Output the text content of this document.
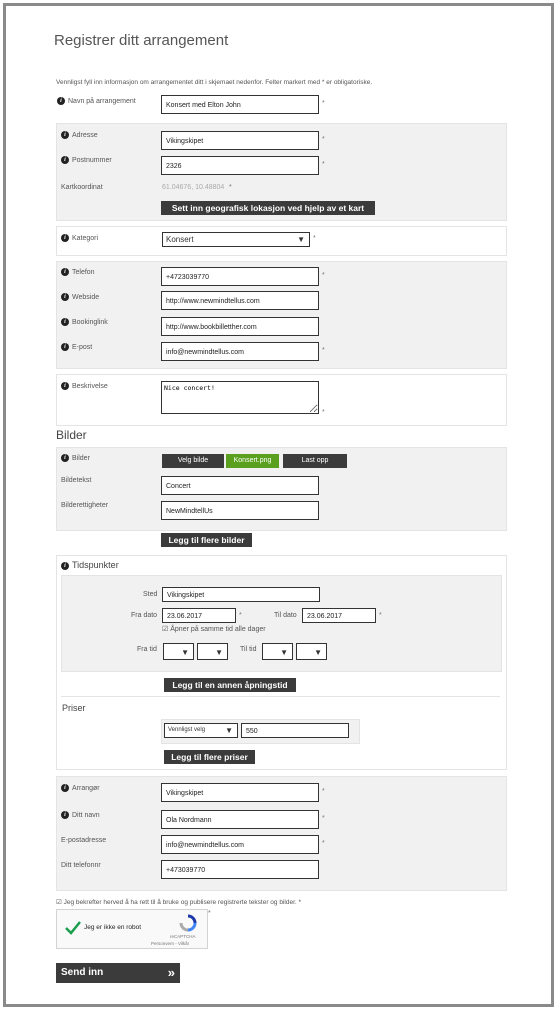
Registrer ditt arrangement
Vennligst fyll inn informasjon om arrangementet ditt i skjemaet nedenfor. Felter markert med * er obligatoriske.
i Navn på arrangement
Konsert med Elton John	*
i Adresse
Vikingskipet	*
i Postnummer
2326	*
Kartkoordinat	61.04676, 10.48804 *
Sett inn geografisk lokasjon ved hjelp av et kart
i Kategori	Konsert	▼ *
i Telefon
+4723039770	*
i Webside
http://www.newmindtellus.com
i Bookinglink
http://www.bookbilletther.com
i E-post
info@newmindtellus.com	*
i Beskrivelse
Nice concert!
*
Bilder
i Bilder	Velg bilde	Konsert.png	Last opp
Bildetekst
Concert
Bilderettigheter
NewMindtellUs
Legg til flere bilder
i Tidspunkter
Sted	Vikingskipet
Fra dato	23.06.2017	*	Til dato	23.06.2017	*
☑ Åpner på samme tid alle dager
Fra tid	▼	▼ Til tid	▼	▼
Legg til en annen åpningstid
Priser
Vennligst velg	▼	550
Legg til flere priser
i Arrangør
Vikingskipet	*
i Ditt navn
Ola Nordmann	*
E-postadresse
info@newmindtellus.com	*
Ditt telefonnr
+473039770
☑ Jeg bekrefter herved å ha rett til å bruke og publisere registrerte tekster og bilder. *
Jeg er ikke en robot
reCAPTCHA
Personvern - Vilkår
*
Send inn	»
